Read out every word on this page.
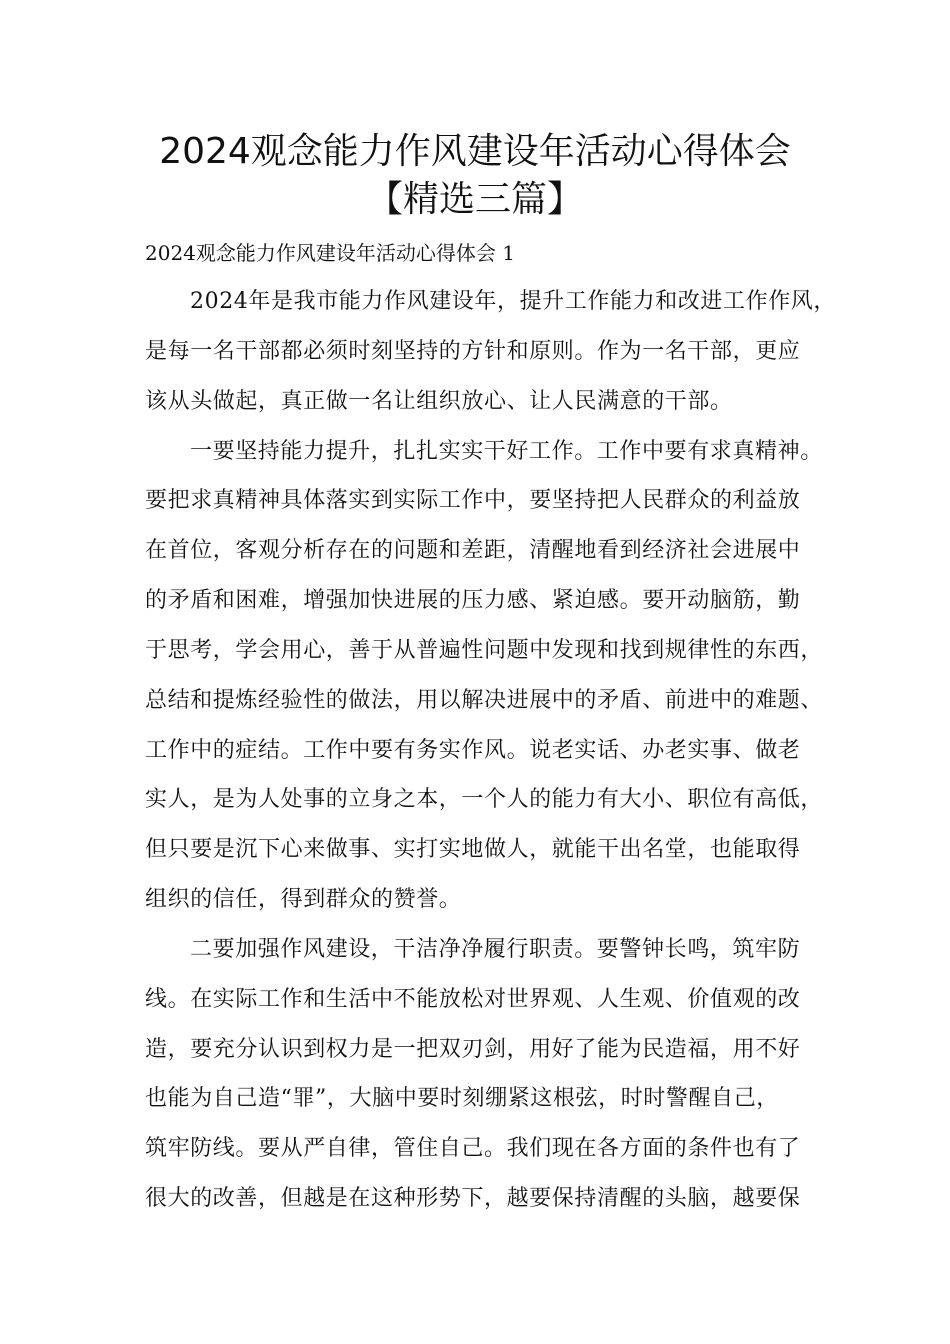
2024观念能力作风建设年活动心得体会
【精选三篇】
2024观念能力作风建设年活动心得体会 1
2024年是我市能力作风建设年，提升工作能力和改进工作作风，
是每一名干部都必须时刻坚持的方针和原则。作为一名干部，更应
该从头做起，真正做一名让组织放心、让人民满意的干部。
一要坚持能力提升，扎扎实实干好工作。工作中要有求真精神。
要把求真精神具体落实到实际工作中，要坚持把人民群众的利益放
在首位，客观分析存在的问题和差距，清醒地看到经济社会进展中
的矛盾和困难，增强加快进展的压力感、紧迫感。要开动脑筋，勤
于思考，学会用心，善于从普遍性问题中发现和找到规律性的东西，
总结和提炼经验性的做法，用以解决进展中的矛盾、前进中的难题、
工作中的症结。工作中要有务实作风。说老实话、办老实事、做老
实人，是为人处事的立身之本，一个人的能力有大小、职位有高低，
但只要是沉下心来做事、实打实地做人，就能干出名堂，也能取得
组织的信任，得到群众的赞誉。
二要加强作风建设，干洁净净履行职责。要警钟长鸣，筑牢防
线。在实际工作和生活中不能放松对世界观、人生观、价值观的改
造，要充分认识到权力是一把双刃剑，用好了能为民造福，用不好
也能为自己造“罪”，大脑中要时刻绷紧这根弦，时时警醒自己，
筑牢防线。要从严自律，管住自己。我们现在各方面的条件也有了
很大的改善，但越是在这种形势下，越要保持清醒的头脑，越要保
